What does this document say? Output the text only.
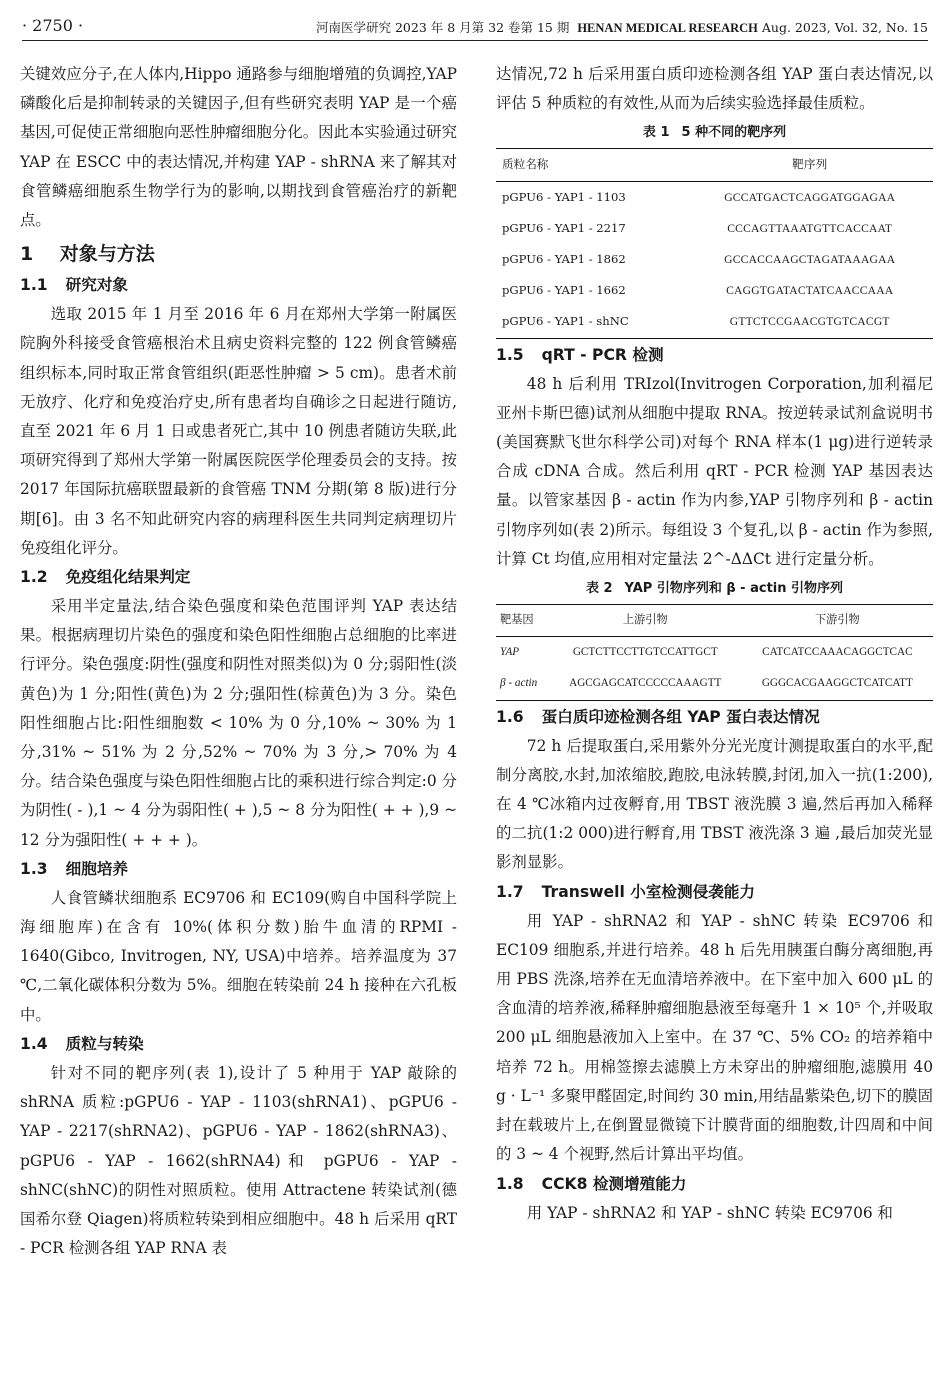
· 2750 ·	河南医学研究 2023 年 8 月第 32 卷第 15 期 HENAN MEDICAL RESEARCH Aug. 2023, Vol. 32, No. 15

关键效应分子,在人体内,Hippo 通路参与细胞增殖的负调控,YAP 磷酸化后是抑制转录的关键因子,但有些研究表明 YAP 是一个癌基因,可促使正常细胞向恶性肿瘤细胞分化。因此本实验通过研究 YAP 在 ESCC 中的表达情况,并构建 YAP - shRNA 来了解其对食管鳞癌细胞系生物学行为的影响,以期找到食管癌治疗的新靶点。

1 对象与方法
1.1 研究对象

选取 2015 年 1 月至 2016 年 6 月在郑州大学第一附属医院胸外科接受食管癌根治术且病史资料完整的 122 例食管鳞癌组织标本,同时取正常食管组织(距恶性肿瘤 > 5 cm)。患者术前无放疗、化疗和免疫治疗史,所有患者均自确诊之日起进行随访,直至 2021 年 6 月 1 日或患者死亡,其中 10 例患者随访失联,此项研究得到了郑州大学第一附属医院医学伦理委员会的支持。按 2017 年国际抗癌联盟最新的食管癌 TNM 分期(第 8 版)进行分期[6]。由 3 名不知此研究内容的病理科医生共同判定病理切片免疫组化评分。

1.2 免疫组化结果判定

采用半定量法,结合染色强度和染色范围评判 YAP 表达结果。根据病理切片染色的强度和染色阳性细胞占总细胞的比率进行评分。染色强度:阴性(强度和阴性对照类似)为 0 分;弱阳性(淡黄色)为 1 分;阳性(黄色)为 2 分;强阳性(棕黄色)为 3 分。染色阳性细胞占比:阳性细胞数 < 10% 为 0 分,10% ~ 30% 为 1 分,31% ~ 51% 为 2 分,52% ~ 70% 为 3 分,> 70% 为 4 分。结合染色强度与染色阳性细胞占比的乘积进行综合判定:0 分为阴性( - ),1 ~ 4 分为弱阳性( + ),5 ~ 8 分为阳性( + + ),9 ~ 12 分为强阳性( + + + )。

1.3 细胞培养

人食管鳞状细胞系 EC9706 和 EC109(购自中国科学院上海细胞库)在含有 10%(体积分数)胎牛血清的RPMI - 1640(Gibco, Invitrogen, NY, USA)中培养。培养温度为 37 ℃,二氧化碳体积分数为 5%。细胞在转染前 24 h 接种在六孔板中。

1.4 质粒与转染

针对不同的靶序列(表 1),设计了 5 种用于 YAP 敲除的 shRNA 质粒:pGPU6 - YAP - 1103(shRNA1)、pGPU6 - YAP - 2217(shRNA2)、pGPU6 - YAP - 1862(shRNA3)、pGPU6 - YAP - 1662(shRNA4)和 pGPU6 - YAP - shNC(shNC)的阴性对照质粒。使用 Attractene 转染试剂(德国希尔登 Qiagen)将质粒转染到相应细胞中。48 h 后采用 qRT - PCR 检测各组 YAP RNA 表

达情况,72 h 后采用蛋白质印迹检测各组 YAP 蛋白表达情况,以评估 5 种质粒的有效性,从而为后续实验选择最佳质粒。

表 1 5 种不同的靶序列
质粒名称	靶序列
pGPU6 - YAP1 - 1103	GCCATGACTCAGGATGGAGAA
pGPU6 - YAP1 - 2217	CCCAGTTAAATGTTCACCAAT
pGPU6 - YAP1 - 1862	GCCACCAAGCTAGATAAAGAA
pGPU6 - YAP1 - 1662	CAGGTGATACTATCAACCAAA
pGPU6 - YAP1 - shNC	GTTCTCCGAACGTGTCACGT
1.5 qRT - PCR 检测

48 h 后利用 TRIzol(Invitrogen Corporation,加利福尼亚州卡斯巴德)试剂从细胞中提取 RNA。按逆转录试剂盒说明书(美国赛默飞世尔科学公司)对每个 RNA 样本(1 μg)进行逆转录合成 cDNA 合成。然后利用 qRT - PCR 检测 YAP 基因表达量。以管家基因 β - actin 作为内参,YAP 引物序列和 β - actin 引物序列如(表 2)所示。每组设 3 个复孔,以 β - actin 作为参照,计算 Ct 均值,应用相对定量法 2^-ΔΔCt 进行定量分析。

表 2 YAP 引物序列和 β - actin 引物序列
靶基因	上游引物	下游引物
YAP	GCTCTTCCTTGTCCATTGCT	CATCATCCAAACAGGCTCAC
β - actin	AGCGAGCATCCCCCAAAGTT	GGGCACGAAGGCTCATCATT
1.6 蛋白质印迹检测各组 YAP 蛋白表达情况

72 h 后提取蛋白,采用紫外分光光度计测提取蛋白的水平,配制分离胶,水封,加浓缩胶,跑胶,电泳转膜,封闭,加入一抗(1:200),在 4 ℃冰箱内过夜孵育,用 TBST 液洗膜 3 遍,然后再加入稀释的二抗(1:2 000)进行孵育,用 TBST 液洗涤 3 遍 ,最后加荧光显影剂显影。

1.7 Transwell 小室检测侵袭能力

用 YAP - shRNA2 和 YAP - shNC 转染 EC9706 和 EC109 细胞系,并进行培养。48 h 后先用胰蛋白酶分离细胞,再用 PBS 洗涤,培养在无血清培养液中。在下室中加入 600 μL 的含血清的培养液,稀释肿瘤细胞悬液至每毫升 1 × 10⁵ 个,并吸取 200 μL 细胞悬液加入上室中。在 37 ℃、5% CO₂ 的培养箱中培养 72 h。用棉签擦去滤膜上方未穿出的肿瘤细胞,滤膜用 40 g · L⁻¹ 多聚甲醛固定,时间约 30 min,用结晶紫染色,切下的膜固封在载玻片上,在倒置显微镜下计膜背面的细胞数,计四周和中间的 3 ~ 4 个视野,然后计算出平均值。

1.8 CCK8 检测增殖能力

用 YAP - shRNA2 和 YAP - shNC 转染 EC9706 和
